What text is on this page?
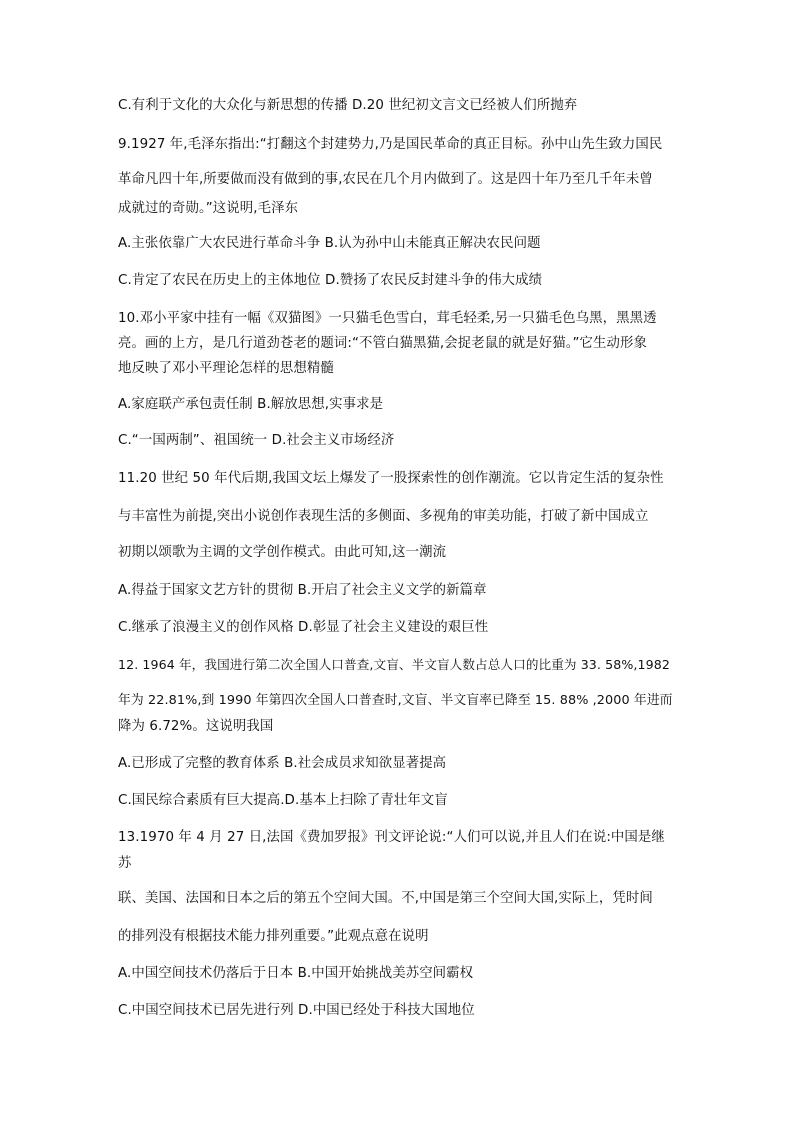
C.有利于文化的大众化与新思想的传播 D.20 世纪初文言文已经被人们所抛弃
9.1927 年,毛泽东指出:“打翻这个封建势力,乃是国民革命的真正目标。孙中山先生致力国民
革命凡四十年,所要做而没有做到的事,农民在几个月内做到了。这是四十年乃至几千年未曾
成就过的奇勋。”这说明,毛泽东
A.主张依靠广大农民进行革命斗争 B.认为孙中山未能真正解决农民问题
C.肯定了农民在历史上的主体地位 D.赞扬了农民反封建斗争的伟大成绩
10.邓小平家中挂有一幅《双猫图》一只猫毛色雪白，茸毛轻柔,另一只猫毛色乌黑，黑黑透
亮。画的上方，是几行道劲苍老的题词:“不管白猫黑猫,会捉老鼠的就是好猫。”它生动形象
地反映了邓小平理论怎样的思想精髓
A.家庭联产承包责任制 B.解放思想,实事求是
C.“一国两制”、祖国统一 D.社会主义市场经济
11.20 世纪 50 年代后期,我国文坛上爆发了一股探索性的创作潮流。它以肯定生活的复杂性
与丰富性为前提,突出小说创作表现生活的多侧面、多视角的审美功能，打破了新中国成立
初期以颂歌为主调的文学创作模式。由此可知,这一潮流
A.得益于国家文艺方针的贯彻 B.开启了社会主义文学的新篇章
C.继承了浪漫主义的创作风格 D.彰显了社会主义建设的艰巨性
12. 1964 年，我国进行第二次全国人口普查,文盲、半文盲人数占总人口的比重为 33. 58%,1982
年为 22.81%,到 1990 年第四次全国人口普查时,文盲、半文盲率已降至 15. 88% ,2000 年进而
降为 6.72%。这说明我国
A.已形成了完整的教育体系 B.社会成员求知欲显著提高
C.国民综合素质有巨大提高.D.基本上扫除了青壮年文盲
13.1970 年 4 月 27 日,法国《费加罗报》刊文评论说:“人们可以说,并且人们在说:中国是继
苏
联、美国、法国和日本之后的第五个空间大国。不,中国是第三个空间大国,实际上，凭时间
的排列没有根据技术能力排列重要。”此观点意在说明
A.中国空间技术仍落后于日本 B.中国开始挑战美苏空间霸权
C.中国空间技术已居先进行列 D.中国已经处于科技大国地位
